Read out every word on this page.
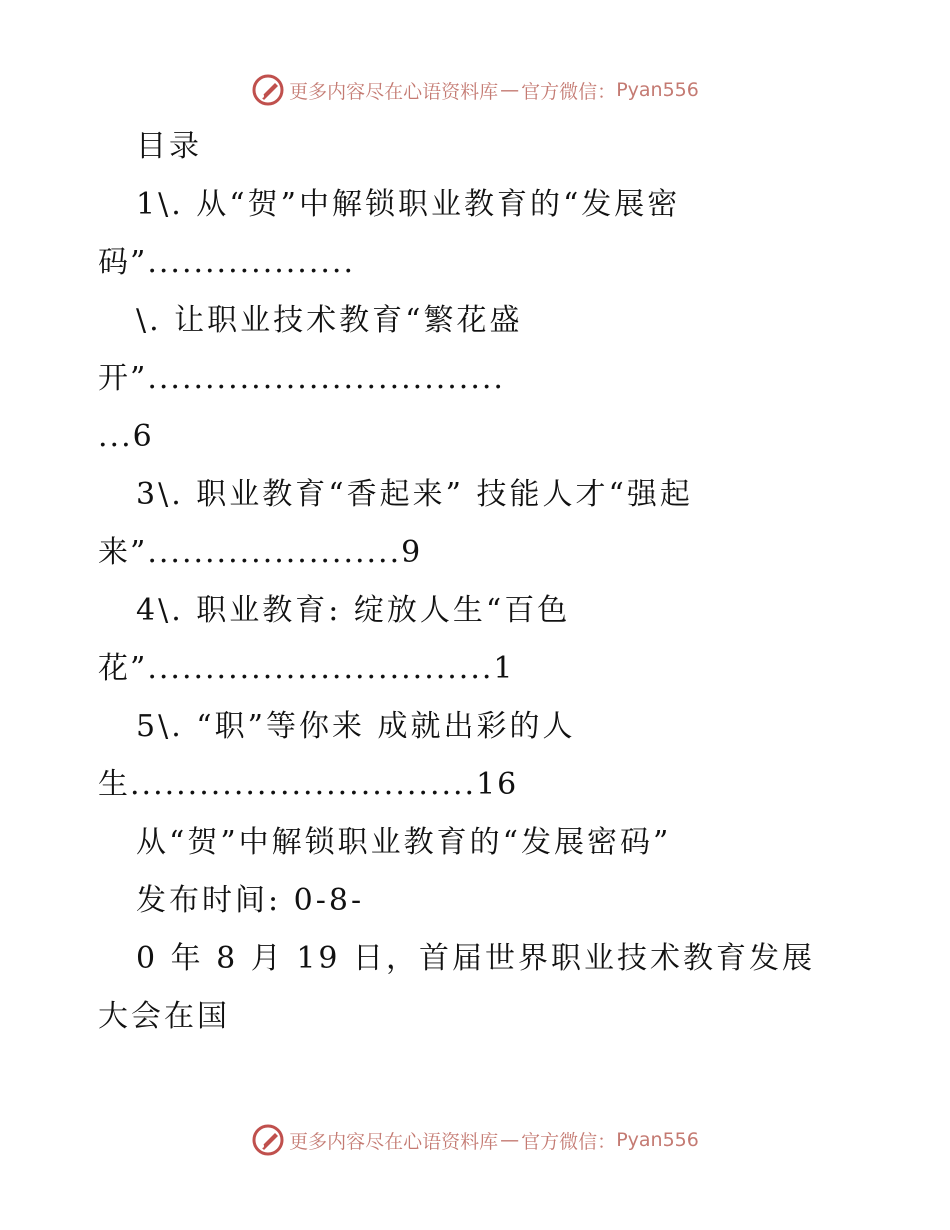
更多内容尽在心语资料库 — 官方微信： Pyan556
目录
1\. 从“贺”中解锁职业教育的“发展密
码”..................
\. 让职业技术教育“繁花盛
开”...............................
...6
3\. 职业教育“香起来” 技能人才“强起
来”......................9
4\. 职业教育: 绽放人生“百色
花”..............................1
5\. “职”等你来 成就出彩的人
生..............................16
从“贺”中解锁职业教育的“发展密码”
发布时间: 0-8-
0 年 8 月 19 日，首届世界职业技术教育发展
大会在国
更多内容尽在心语资料库 — 官方微信： Pyan556
